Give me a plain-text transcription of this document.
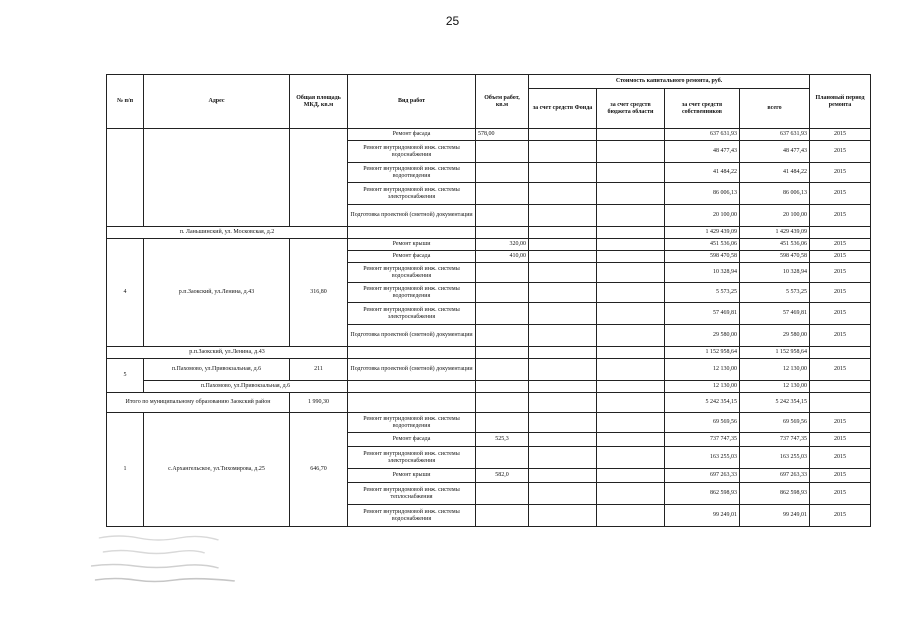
25
№ п/п	Адрес	Общая площадь МКД, кв.м	Вид работ	Объем работ, кв.м	Стоимость капитального ремонта, руб.				Плановый период ремонта
					за счет средств Фонда	за счет средств бюджета области	за счет средств собственников	всего	
			Ремонт фасада	578,00			637 631,93	637 631,93	2015
			Ремонт внутридомовой инж. системы водоснабжения				48 477,43	48 477,43	2015
			Ремонт внутридомовой инж. системы водоотведения				41 484,22	41 484,22	2015
			Ремонт внутридомовой инж. системы электроснабжения				86 006,13	86 006,13	2015
			Подготовка проектной (сметной) документации				20 100,00	20 100,00	2015
п. Ланьшинский, ул. Московская, д.2							1 429 439,09	1 429 439,09	
4	р.п.Заокский, ул.Ленина, д.43	316,80	Ремонт крыши	320,00			451 536,06	451 536,06	2015
			Ремонт фасада	410,00			598 470,58	598 470,58	2015
			Ремонт внутридомовой инж. системы водоснабжения				10 328,94	10 328,94	2015
			Ремонт внутридомовой инж. системы водоотведения				5 573,25	5 573,25	2015
			Ремонт внутридомовой инж. системы электроснабжения				57 469,81	57 469,81	2015
			Подготовка проектной (сметной) документации				29 580,00	29 580,00	2015
р.п.Заокский, ул.Ленина, д.43							1 152 958,64	1 152 958,64	
5	п.Пахомово, ул.Привокзальная, д.6	211	Подготовка проектной (сметной) документации				12 130,00	12 130,00	2015
	п.Пахомово, ул.Привокзальная, д.6						12 130,00	12 130,00	
Итого по муниципальному образованию Заокский район		1 990,30					5 242 354,15	5 242 354,15	
1	с.Архангельское, ул.Тихомирова, д.25	646,70	Ремонт внутридомовой инж. системы водоотведения				69 569,56	69 569,56	2015
			Ремонт фасада	525,3			737 747,35	737 747,35	2015
			Ремонт внутридомовой инж. системы электроснабжения				163 255,03	163 255,03	2015
			Ремонт крыши	582,0			697 263,33	697 263,33	2015
			Ремонт внутридомовой инж. системы теплоснабжения				862 598,93	862 598,93	2015
			Ремонт внутридомовой инж. системы водоснабжения				99 249,01	99 249,01	2015
